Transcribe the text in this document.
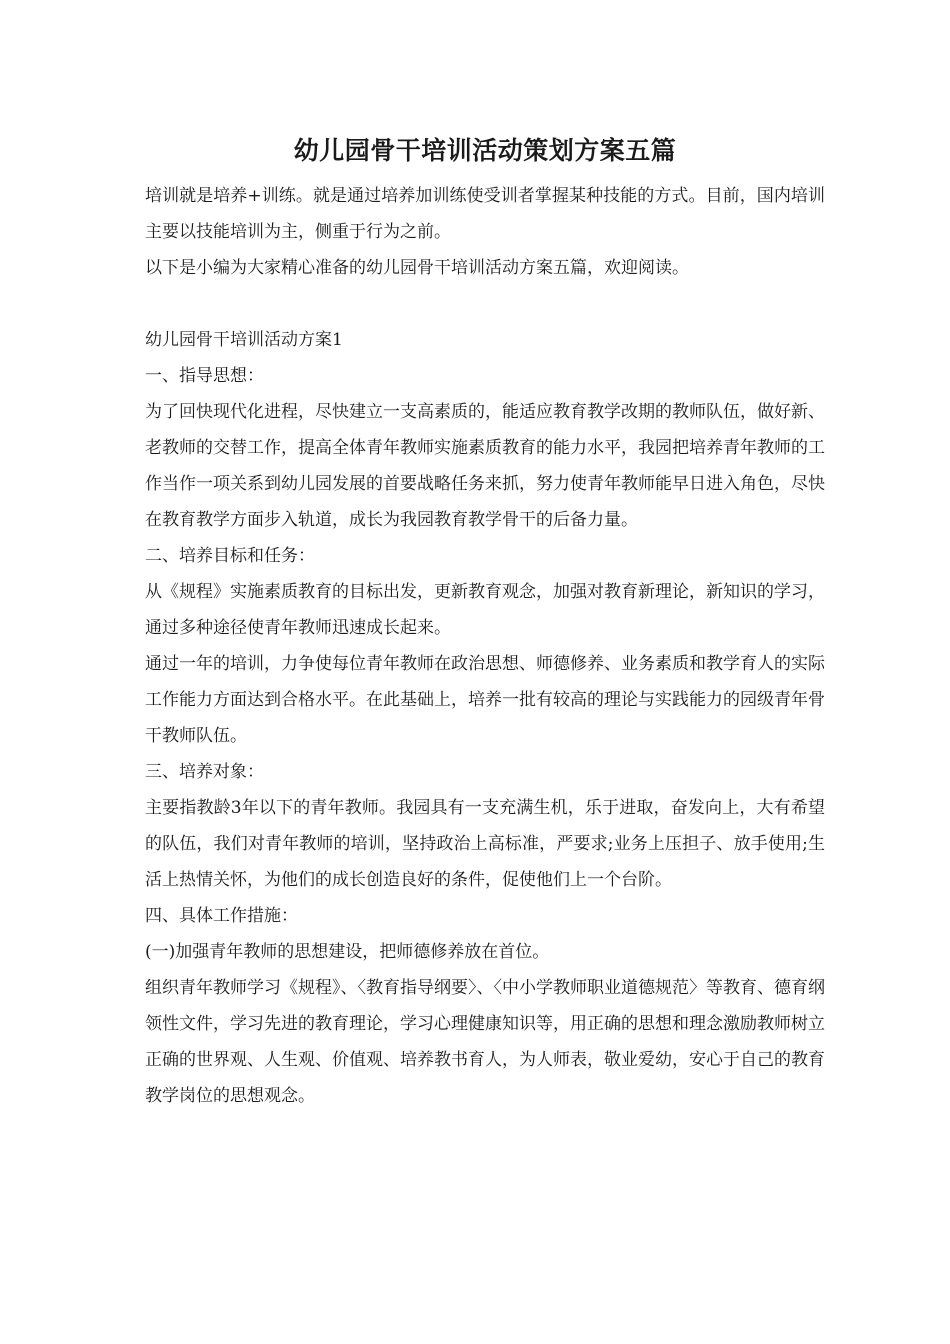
幼儿园骨干培训活动策划方案五篇

培训就是培养+训练。就是通过培养加训练使受训者掌握某种技能的方式。目前，国内培训主要以技能培训为主，侧重于行为之前。

以下是小编为大家精心准备的幼儿园骨干培训活动方案五篇，欢迎阅读。

幼儿园骨干培训活动方案1

一、指导思想：

为了回快现代化进程，尽快建立一支高素质的，能适应教育教学改期的教师队伍，做好新、老教师的交替工作，提高全体青年教师实施素质教育的能力水平，我园把培养青年教师的工作当作一项关系到幼儿园发展的首要战略任务来抓，努力使青年教师能早日进入角色，尽快在教育教学方面步入轨道，成长为我园教育教学骨干的后备力量。

二、培养目标和任务：

从《规程》实施素质教育的目标出发，更新教育观念，加强对教育新理论，新知识的学习，通过多种途径使青年教师迅速成长起来。

通过一年的培训，力争使每位青年教师在政治思想、师德修养、业务素质和教学育人的实际工作能力方面达到合格水平。在此基础上，培养一批有较高的理论与实践能力的园级青年骨干教师队伍。

三、培养对象：

主要指教龄3年以下的青年教师。我园具有一支充满生机，乐于进取，奋发向上，大有希望的队伍，我们对青年教师的培训，坚持政治上高标准，严要求;业务上压担子、放手使用;生活上热情关怀，为他们的成长创造良好的条件，促使他们上一个台阶。

四、具体工作措施：

(一)加强青年教师的思想建设，把师德修养放在首位。

组织青年教师学习《规程》、〈教育指导纲要〉、〈中小学教师职业道德规范〉等教育、德育纲领性文件，学习先进的教育理论，学习心理健康知识等，用正确的思想和理念激励教师树立正确的世界观、人生观、价值观、培养教书育人，为人师表，敬业爱幼，安心于自己的教育教学岗位的思想观念。
